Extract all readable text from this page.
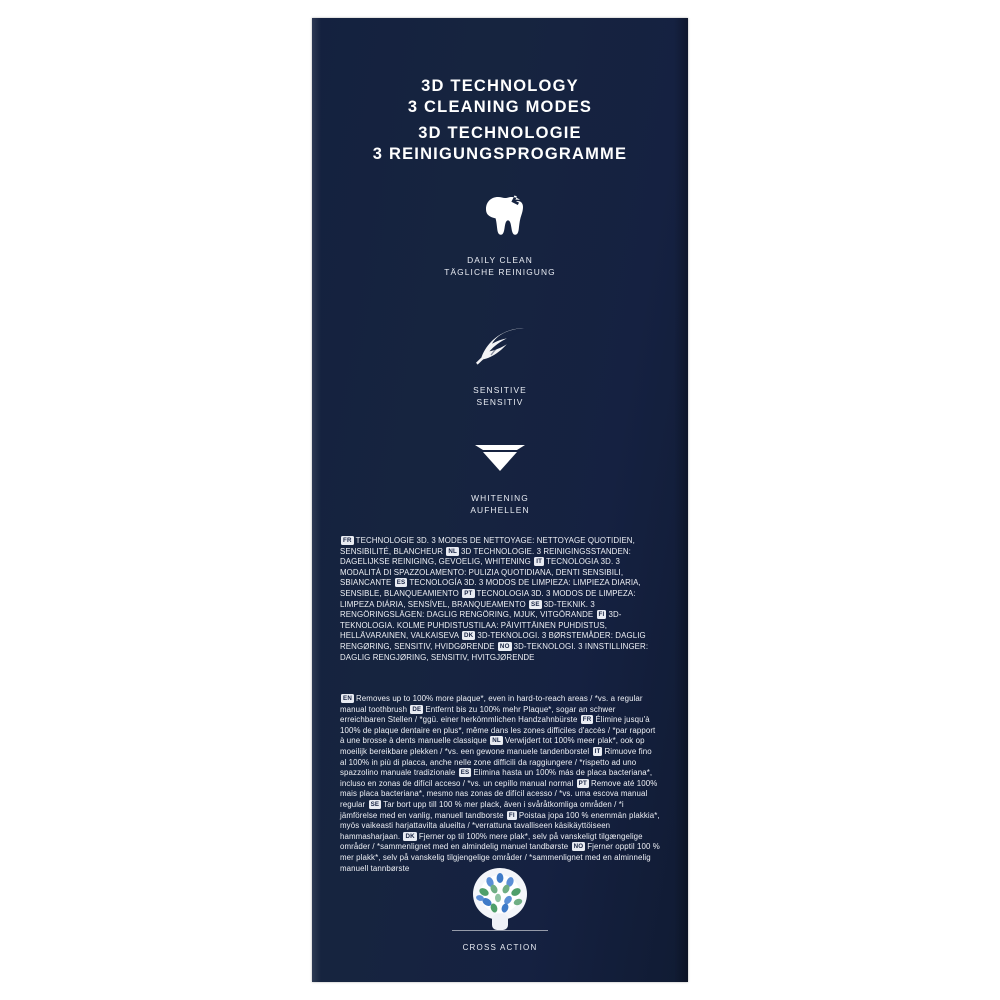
3D TECHNOLOGY
3 CLEANING MODES
3D TECHNOLOGIE
3 REINIGUNGSPROGRAMME
DAILY CLEAN
TÄGLICHE REINIGUNG
SENSITIVE
SENSITIV
WHITENING
AUFHELLEN
FR TECHNOLOGIE 3D. 3 MODES DE NETTOYAGE: NETTOYAGE QUOTIDIEN, SENSIBILITÉ, BLANCHEUR NL 3D TECHNOLOGIE. 3 REINIGINGSSTANDEN: DAGELIJKSE REINIGING, GEVOELIG, WHITENING IT TECNOLOGIA 3D. 3 MODALITÀ DI SPAZZOLAMENTO: PULIZIA QUOTIDIANA, DENTI SENSIBILI, SBIANCANTE ES TECNOLOGÍA 3D. 3 MODOS DE LIMPIEZA: LIMPIEZA DIARIA, SENSIBLE, BLANQUEAMIENTO PT TECNOLOGIA 3D. 3 MODOS DE LIMPEZA: LIMPEZA DIÁRIA, SENSÍVEL, BRANQUEAMENTO SE 3D-TEKNIK. 3 RENGÖRINGSLÄGEN: DAGLIG RENGÖRING, MJUK, VITGÖRANDE FI 3D-TEKNOLOGIA. KOLME PUHDISTUSTILAA: PÄIVITTÄINEN PUHDISTUS, HELLÄVARAINEN, VALKAISEVA DK 3D-TEKNOLOGI. 3 BØRSTEMÅDER: DAGLIG RENGØRING, SENSITIV, HVIDGØRENDE NO 3D-TEKNOLOGI. 3 INNSTILLINGER: DAGLIG RENGJØRING, SENSITIV, HVITGJØRENDE
EN Removes up to 100% more plaque*, even in hard-to-reach areas / *vs. a regular manual toothbrush DE Entfernt bis zu 100% mehr Plaque*, sogar an schwer erreichbaren Stellen / *ggü. einer herkömmlichen Handzahnbürste FR Élimine jusqu'à 100% de plaque dentaire en plus*, même dans les zones difficiles d'accès / *par rapport à une brosse à dents manuelle classique NL Verwijdert tot 100% meer plak*, ook op moeilijk bereikbare plekken / *vs. een gewone manuele tandenborstel IT Rimuove fino al 100% in più di placca, anche nelle zone difficili da raggiungere / *rispetto ad uno spazzolino manuale tradizionale ES Elimina hasta un 100% más de placa bacteriana*, incluso en zonas de difícil acceso / *vs. un cepillo manual normal PT Remove até 100% mais placa bacteriana*, mesmo nas zonas de difícil acesso / *vs. uma escova manual regular SE Tar bort upp till 100 % mer plack, även i svåråtkomliga områden / *i jämförelse med en vanlig, manuell tandborste FI Poistaa jopa 100 % enemmän plakkia*, myös vaikeasti harjattavilta alueilta / *verrattuna tavalliseen käsikäyttöiseen hammasharjaan. DK Fjerner op til 100% mere plak*, selv på vanskeligt tilgængelige områder / *sammenlignet med en almindelig manuel tandbørste NO Fjerner opptil 100 % mer plakk*, selv på vanskelig tilgjengelige områder / *sammenlignet med en alminnelig manuell tannbørste
CROSS ACTION
